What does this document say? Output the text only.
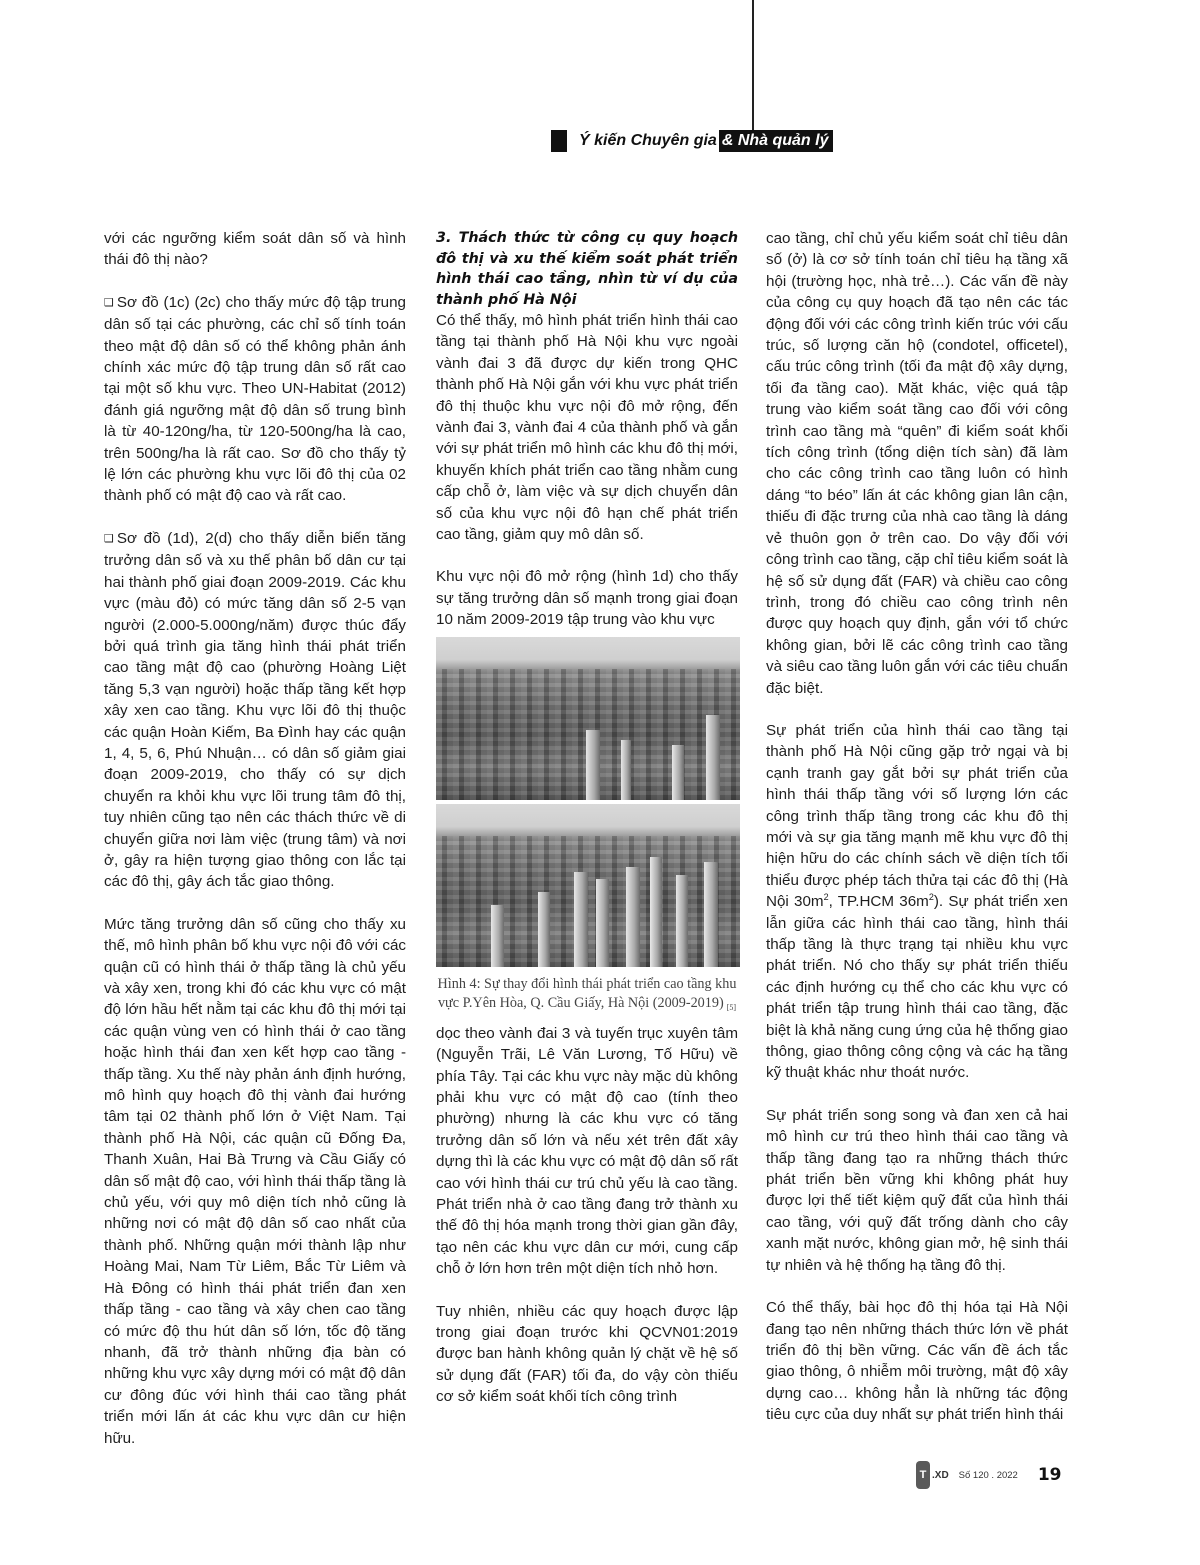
Ý kiến Chuyên gia & Nhà quản lý

với các ngưỡng kiểm soát dân số và hình thái đô thị nào?

❑ Sơ đồ (1c) (2c) cho thấy mức độ tập trung dân số tại các phường, các chỉ số tính toán theo mật độ dân số có thể không phản ánh chính xác mức độ tập trung dân số rất cao tại một số khu vực. Theo UN-Habitat (2012) đánh giá ngưỡng mật độ dân số trung bình là từ 40-120ng/ha, từ 120-500ng/ha là cao, trên 500ng/ha là rất cao. Sơ đồ cho thấy tỷ lệ lớn các phường khu vực lõi đô thị của 02 thành phố có mật độ cao và rất cao.

❑ Sơ đồ (1d), 2(d) cho thấy diễn biến tăng trưởng dân số và xu thế phân bố dân cư tại hai thành phố giai đoạn 2009-2019. Các khu vực (màu đỏ) có mức tăng dân số 2-5 vạn người (2.000-5.000ng/năm) được thúc đẩy bởi quá trình gia tăng hình thái phát triển cao tầng mật độ cao (phường Hoàng Liệt tăng 5,3 vạn người) hoặc thấp tầng kết hợp xây xen cao tầng. Khu vực lõi đô thị thuộc các quận Hoàn Kiếm, Ba Đình hay các quận 1, 4, 5, 6, Phú Nhuận… có dân số giảm giai đoạn 2009-2019, cho thấy có sự dịch chuyển ra khỏi khu vực lõi trung tâm đô thị, tuy nhiên cũng tạo nên các thách thức về di chuyển giữa nơi làm việc (trung tâm) và nơi ở, gây ra hiện tượng giao thông con lắc tại các đô thị, gây ách tắc giao thông.

Mức tăng trưởng dân số cũng cho thấy xu thế, mô hình phân bố khu vực nội đô với các quận cũ có hình thái ở thấp tầng là chủ yếu và xây xen, trong khi đó các khu vực có mật độ lớn hầu hết nằm tại các khu đô thị mới tại các quận vùng ven có hình thái ở cao tầng hoặc hình thái đan xen kết hợp cao tầng - thấp tầng. Xu thế này phản ánh định hướng, mô hình quy hoạch đô thị vành đai hướng tâm tại 02 thành phố lớn ở Việt Nam. Tại thành phố Hà Nội, các quận cũ Đống Đa, Thanh Xuân, Hai Bà Trưng và Cầu Giấy có dân số mật độ cao, với hình thái thấp tầng là chủ yếu, với quy mô diện tích nhỏ cũng là những nơi có mật độ dân số cao nhất của thành phố. Những quận mới thành lập như Hoàng Mai, Nam Từ Liêm, Bắc Từ Liêm và Hà Đông có hình thái phát triển đan xen thấp tầng - cao tầng và xây chen cao tầng có mức độ thu hút dân số lớn, tốc độ tăng nhanh, đã trở thành những địa bàn có những khu vực xây dựng mới có mật độ dân cư đông đúc với hình thái cao tầng phát triển mới lấn át các khu vực dân cư hiện hữu.

3. Thách thức từ công cụ quy hoạch đô thị và xu thế kiểm soát phát triển hình thái cao tầng, nhìn từ ví dụ của thành phố Hà Nội

Có thể thấy, mô hình phát triển hình thái cao tầng tại thành phố Hà Nội khu vực ngoài vành đai 3 đã được dự kiến trong QHC thành phố Hà Nội gắn với khu vực phát triển đô thị thuộc khu vực nội đô mở rộng, đến vành đai 3, vành đai 4 của thành phố và gắn với sự phát triển mô hình các khu đô thị mới, khuyến khích phát triển cao tầng nhằm cung cấp chỗ ở, làm việc và sự dịch chuyển dân số của khu vực nội đô hạn chế phát triển cao tầng, giảm quy mô dân số.

Khu vực nội đô mở rộng (hình 1d) cho thấy sự tăng trưởng dân số mạnh trong giai đoạn 10 năm 2009-2019 tập trung vào khu vực

Hình 4: Sự thay đổi hình thái phát triển cao tầng khu vực P.Yên Hòa, Q. Cầu Giấy, Hà Nội (2009-2019) $_{[5]}$

dọc theo vành đai 3 và tuyến trục xuyên tâm (Nguyễn Trãi, Lê Văn Lương, Tố Hữu) về phía Tây. Tại các khu vực này mặc dù không phải khu vực có mật độ cao (tính theo phường) nhưng là các khu vực có tăng trưởng dân số lớn và nếu xét trên đất xây dựng thì là các khu vực có mật độ dân số rất cao với hình thái cư trú chủ yếu là cao tầng. Phát triển nhà ở cao tầng đang trở thành xu thế đô thị hóa mạnh trong thời gian gần đây, tạo nên các khu vực dân cư mới, cung cấp chỗ ở lớn hơn trên một diện tích nhỏ hơn.

Tuy nhiên, nhiều các quy hoạch được lập trong giai đoạn trước khi QCVN01:2019 được ban hành không quản lý chặt về hệ số sử dụng đất (FAR) tối đa, do vậy còn thiếu cơ sở kiểm soát khối tích công trình

cao tầng, chỉ chủ yếu kiểm soát chỉ tiêu dân số (ở) là cơ sở tính toán chỉ tiêu hạ tầng xã hội (trường học, nhà trẻ…). Các vấn đề này của công cụ quy hoạch đã tạo nên các tác động đối với các công trình kiến trúc với cấu trúc, số lượng căn hộ (condotel, officetel), cấu trúc công trình (tối đa mật độ xây dựng, tối đa tầng cao). Mặt khác, việc quá tập trung vào kiểm soát tầng cao đối với công trình cao tầng mà “quên” đi kiểm soát khối tích công trình (tổng diện tích sàn) đã làm cho các công trình cao tầng luôn có hình dáng “to béo” lấn át các không gian lân cận, thiếu đi đặc trưng của nhà cao tầng là dáng vẻ thuôn gọn ở trên cao. Do vậy đối với công trình cao tầng, cặp chỉ tiêu kiểm soát là hệ số sử dụng đất (FAR) và chiều cao công trình, trong đó chiều cao công trình nên được quy hoạch quy định, gắn với tổ chức không gian, bởi lẽ các công trình cao tầng và siêu cao tầng luôn gắn với các tiêu chuẩn đặc biệt.

Sự phát triển của hình thái cao tầng tại thành phố Hà Nội cũng gặp trở ngại và bị cạnh tranh gay gắt bởi sự phát triển của hình thái thấp tầng với số lượng lớn các công trình thấp tầng trong các khu đô thị mới và sự gia tăng mạnh mẽ khu vực đô thị hiện hữu do các chính sách về diện tích tối thiểu được phép tách thửa tại các đô thị (Hà Nội $30m^2$, TP.HCM $36m^2$). Sự phát triển xen lẫn giữa các hình thái cao tầng, hình thái thấp tầng là thực trạng tại nhiều khu vực phát triển. Nó cho thấy sự phát triển thiếu các định hướng cụ thể cho các khu vực có phát triển tập trung hình thái cao tầng, đặc biệt là khả năng cung ứng của hệ thống giao thông, giao thông công cộng và các hạ tầng kỹ thuật khác như thoát nước.

Sự phát triển song song và đan xen cả hai mô hình cư trú theo hình thái cao tầng và thấp tầng đang tạo ra những thách thức phát triển bền vững khi không phát huy được lợi thế tiết kiệm quỹ đất của hình thái cao tầng, với quỹ đất trống dành cho cây xanh mặt nước, không gian mở, hệ sinh thái tự nhiên và hệ thống hạ tầng đô thị.

Có thể thấy, bài học đô thị hóa tại Hà Nội đang tạo nên những thách thức lớn về phát triển đô thị bền vững. Các vấn đề ách tắc giao thông, ô nhiễm môi trường, mật độ xây dựng cao… không hẳn là những tác động tiêu cực của duy nhất sự phát triển hình thái

T .XD Số 120 . 2022 19
